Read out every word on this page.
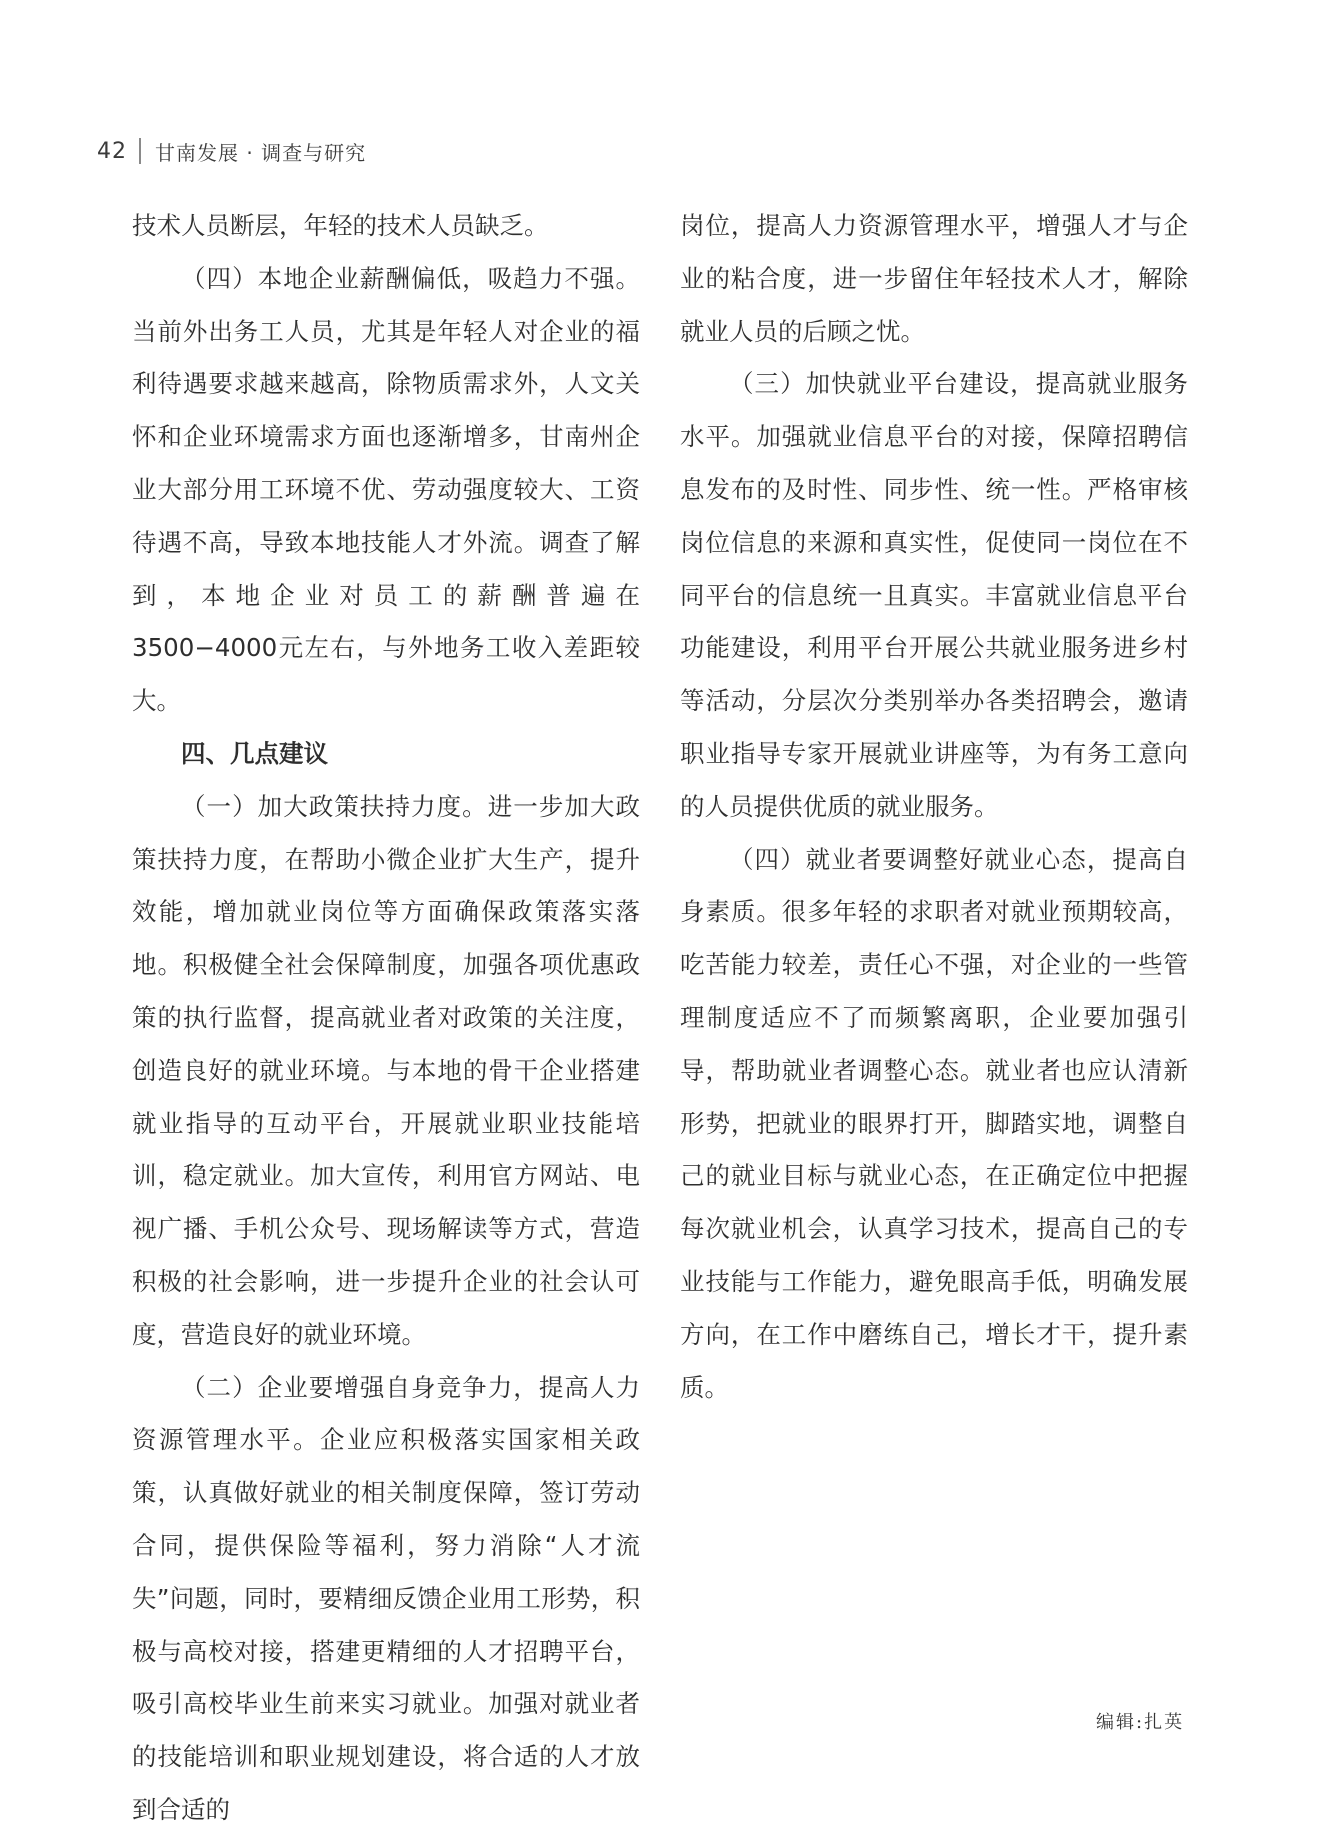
42 甘南发展 · 调查与研究

技术人员断层，年轻的技术人员缺乏。

（四）本地企业薪酬偏低，吸趋力不强。当前外出务工人员，尤其是年轻人对企业的福利待遇要求越来越高，除物质需求外，人文关怀和企业环境需求方面也逐渐增多，甘南州企业大部分用工环境不优、劳动强度较大、工资待遇不高，导致本地技能人才外流。调查了解到，本地企业对员工的薪酬普遍在3500−4000元左右，与外地务工收入差距较大。

四、几点建议

（一）加大政策扶持力度。进一步加大政策扶持力度，在帮助小微企业扩大生产，提升效能，增加就业岗位等方面确保政策落实落地。积极健全社会保障制度，加强各项优惠政策的执行监督，提高就业者对政策的关注度，创造良好的就业环境。与本地的骨干企业搭建就业指导的互动平台，开展就业职业技能培训，稳定就业。加大宣传，利用官方网站、电视广播、手机公众号、现场解读等方式，营造积极的社会影响，进一步提升企业的社会认可度，营造良好的就业环境。

（二）企业要增强自身竞争力，提高人力资源管理水平。企业应积极落实国家相关政策，认真做好就业的相关制度保障，签订劳动合同，提供保险等福利，努力消除“人才流失”问题，同时，要精细反馈企业用工形势，积极与高校对接，搭建更精细的人才招聘平台，吸引高校毕业生前来实习就业。加强对就业者的技能培训和职业规划建设，将合适的人才放到合适的

岗位，提高人力资源管理水平，增强人才与企业的粘合度，进一步留住年轻技术人才，解除就业人员的后顾之忧。

（三）加快就业平台建设，提高就业服务水平。加强就业信息平台的对接，保障招聘信息发布的及时性、同步性、统一性。严格审核岗位信息的来源和真实性，促使同一岗位在不同平台的信息统一且真实。丰富就业信息平台功能建设，利用平台开展公共就业服务进乡村等活动，分层次分类别举办各类招聘会，邀请职业指导专家开展就业讲座等，为有务工意向的人员提供优质的就业服务。

（四）就业者要调整好就业心态，提高自身素质。很多年轻的求职者对就业预期较高，吃苦能力较差，责任心不强，对企业的一些管理制度适应不了而频繁离职，企业要加强引导，帮助就业者调整心态。就业者也应认清新形势，把就业的眼界打开，脚踏实地，调整自己的就业目标与就业心态，在正确定位中把握每次就业机会，认真学习技术，提高自己的专业技能与工作能力，避免眼高手低，明确发展方向，在工作中磨练自己，增长才干，提升素质。

编辑:扎英
